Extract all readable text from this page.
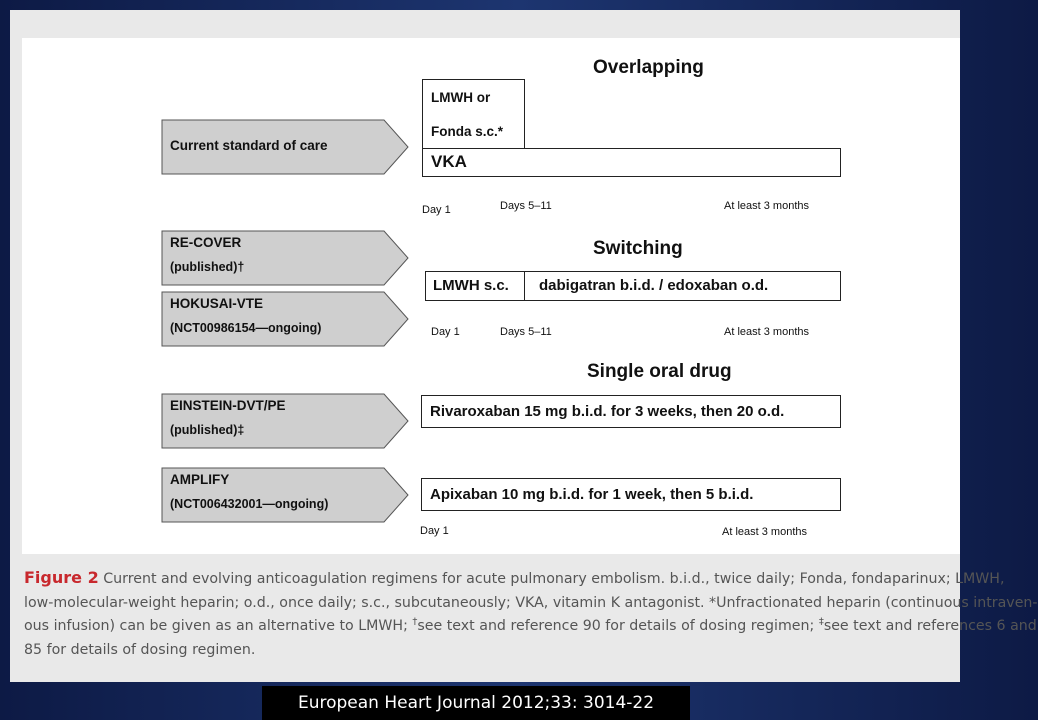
Overlapping
Switching
Single oral drug
Current standard of care
RE-COVER
(published)†
HOKUSAI-VTE
(NCT00986154—ongoing)
EINSTEIN-DVT/PE
(published)‡
AMPLIFY
(NCT006432001—ongoing)
LMWH or
Fonda s.c.*
VKA
Day 1	Days 5–11	At least 3 months
LMWH s.c. dabigatran b.i.d. / edoxaban o.d.
Day 1	Days 5–11	At least 3 months
Rivaroxaban 15 mg b.i.d. for 3 weeks, then 20 o.d.
Apixaban 10 mg b.i.d. for 1 week, then 5 b.i.d.
Day 1	At least 3 months
Figure 2 Current and evolving anticoagulation regimens for acute pulmonary embolism. b.i.d., twice daily; Fonda, fondaparinux; LMWH,
low-molecular-weight heparin; o.d., once daily; s.c., subcutaneously; VKA, vitamin K antagonist. *Unfractionated heparin (continuous intraven-
ous infusion) can be given as an alternative to LMWH; †see text and reference 90 for details of dosing regimen; ‡see text and references 6 and
85 for details of dosing regimen.
European Heart Journal 2012;33: 3014-22
